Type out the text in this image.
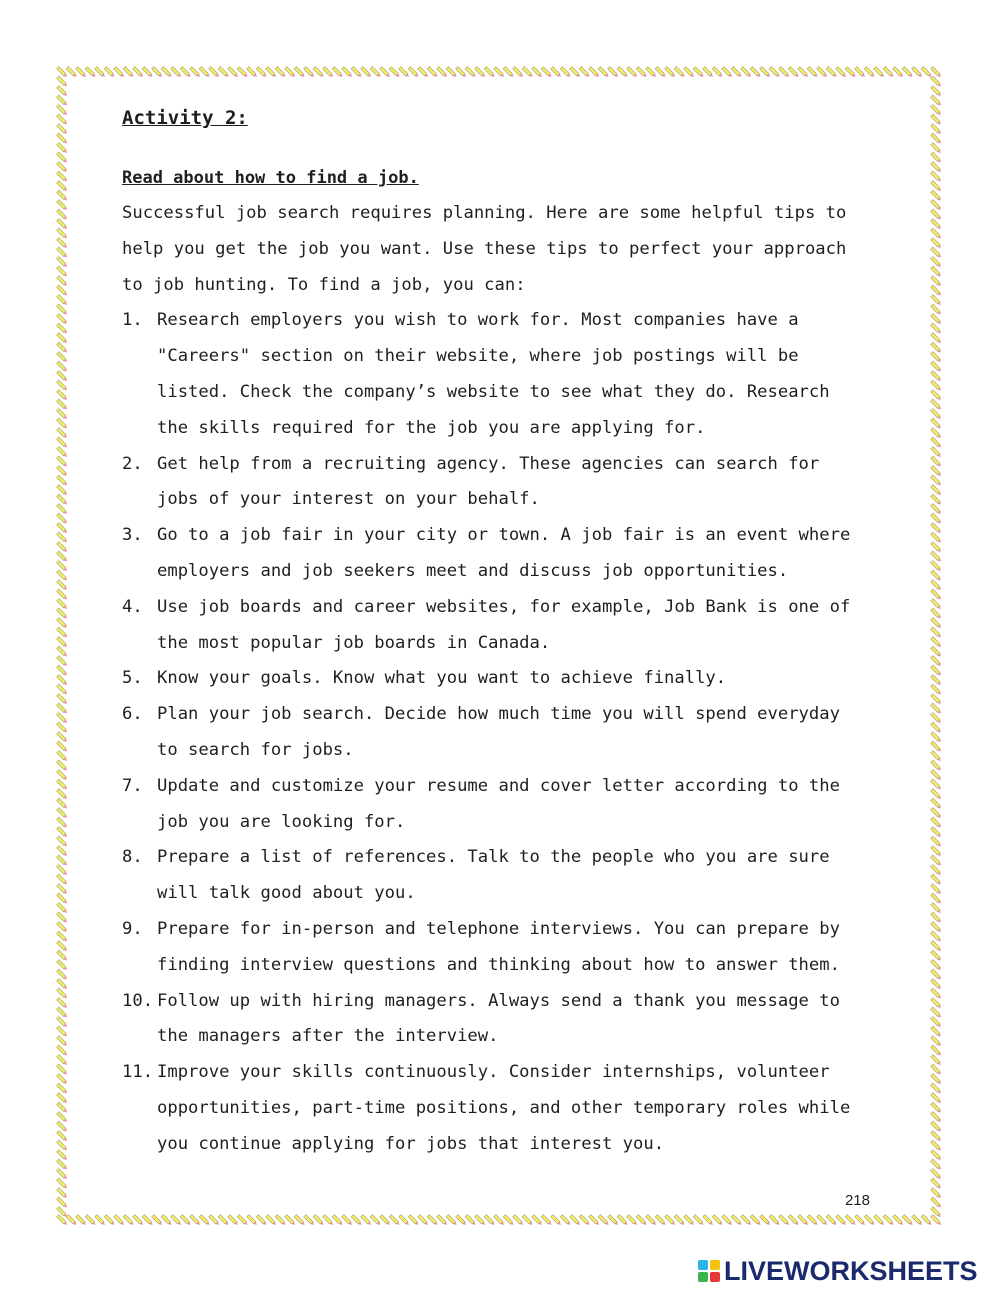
Activity 2:
Read about how to find a job.

Successful job search requires planning. Here are some helpful tips to help you get the job you want. Use these tips to perfect your approach to job hunting. To find a job, you can:

1. Research employers you wish to work for. Most companies have a "Careers" section on their website, where job postings will be listed. Check the company’s website to see what they do. Research the skills required for the job you are applying for.
2. Get help from a recruiting agency. These agencies can search for jobs of your interest on your behalf.
3. Go to a job fair in your city or town. A job fair is an event where employers and job seekers meet and discuss job opportunities.
4. Use job boards and career websites, for example, Job Bank is one of the most popular job boards in Canada.
5. Know your goals. Know what you want to achieve finally.
6. Plan your job search. Decide how much time you will spend everyday to search for jobs.
7. Update and customize your resume and cover letter according to the job you are looking for.
8. Prepare a list of references. Talk to the people who you are sure will talk good about you.
9. Prepare for in-person and telephone interviews. You can prepare by finding interview questions and thinking about how to answer them.
10. Follow up with hiring managers. Always send a thank you message to the managers after the interview.
11. Improve your skills continuously. Consider internships, volunteer opportunities, part-time positions, and other temporary roles while you continue applying for jobs that interest you.
218
LIVEWORKSHEETS
